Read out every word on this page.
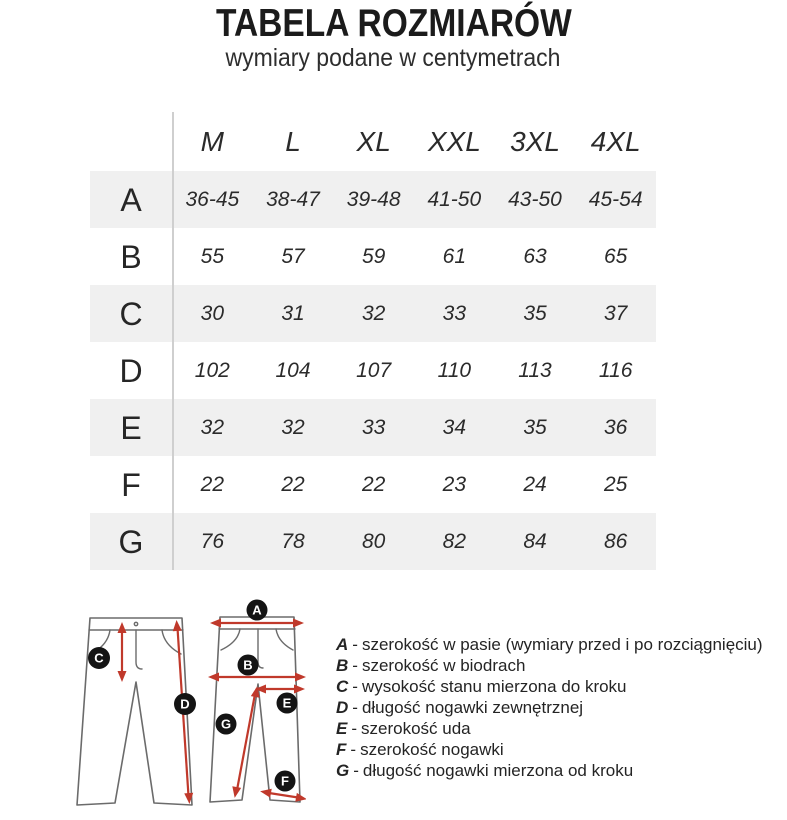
TABELA ROZMIARÓW
wymiary podane w centymetrach
M	L	XL	XXL	3XL	4XL
A	36-45	38-47	39-48	41-50	43-50	45-54
B	55	57	59	61	63	65
C	30	31	32	33	35	37
D	102	104	107	110	113	116
E	32	32	33	34	35	36
F	22	22	22	23	24	25
G	76	78	80	82	84	86
C
D
A
B
E
G
F
A - szerokość w pasie (wymiary przed i po rozciągnięciu)
B - szerokość w biodrach
C - wysokość stanu mierzona do kroku
D - długość nogawki zewnętrznej
E - szerokość uda
F - szerokość nogawki
G - długość nogawki mierzona od kroku
